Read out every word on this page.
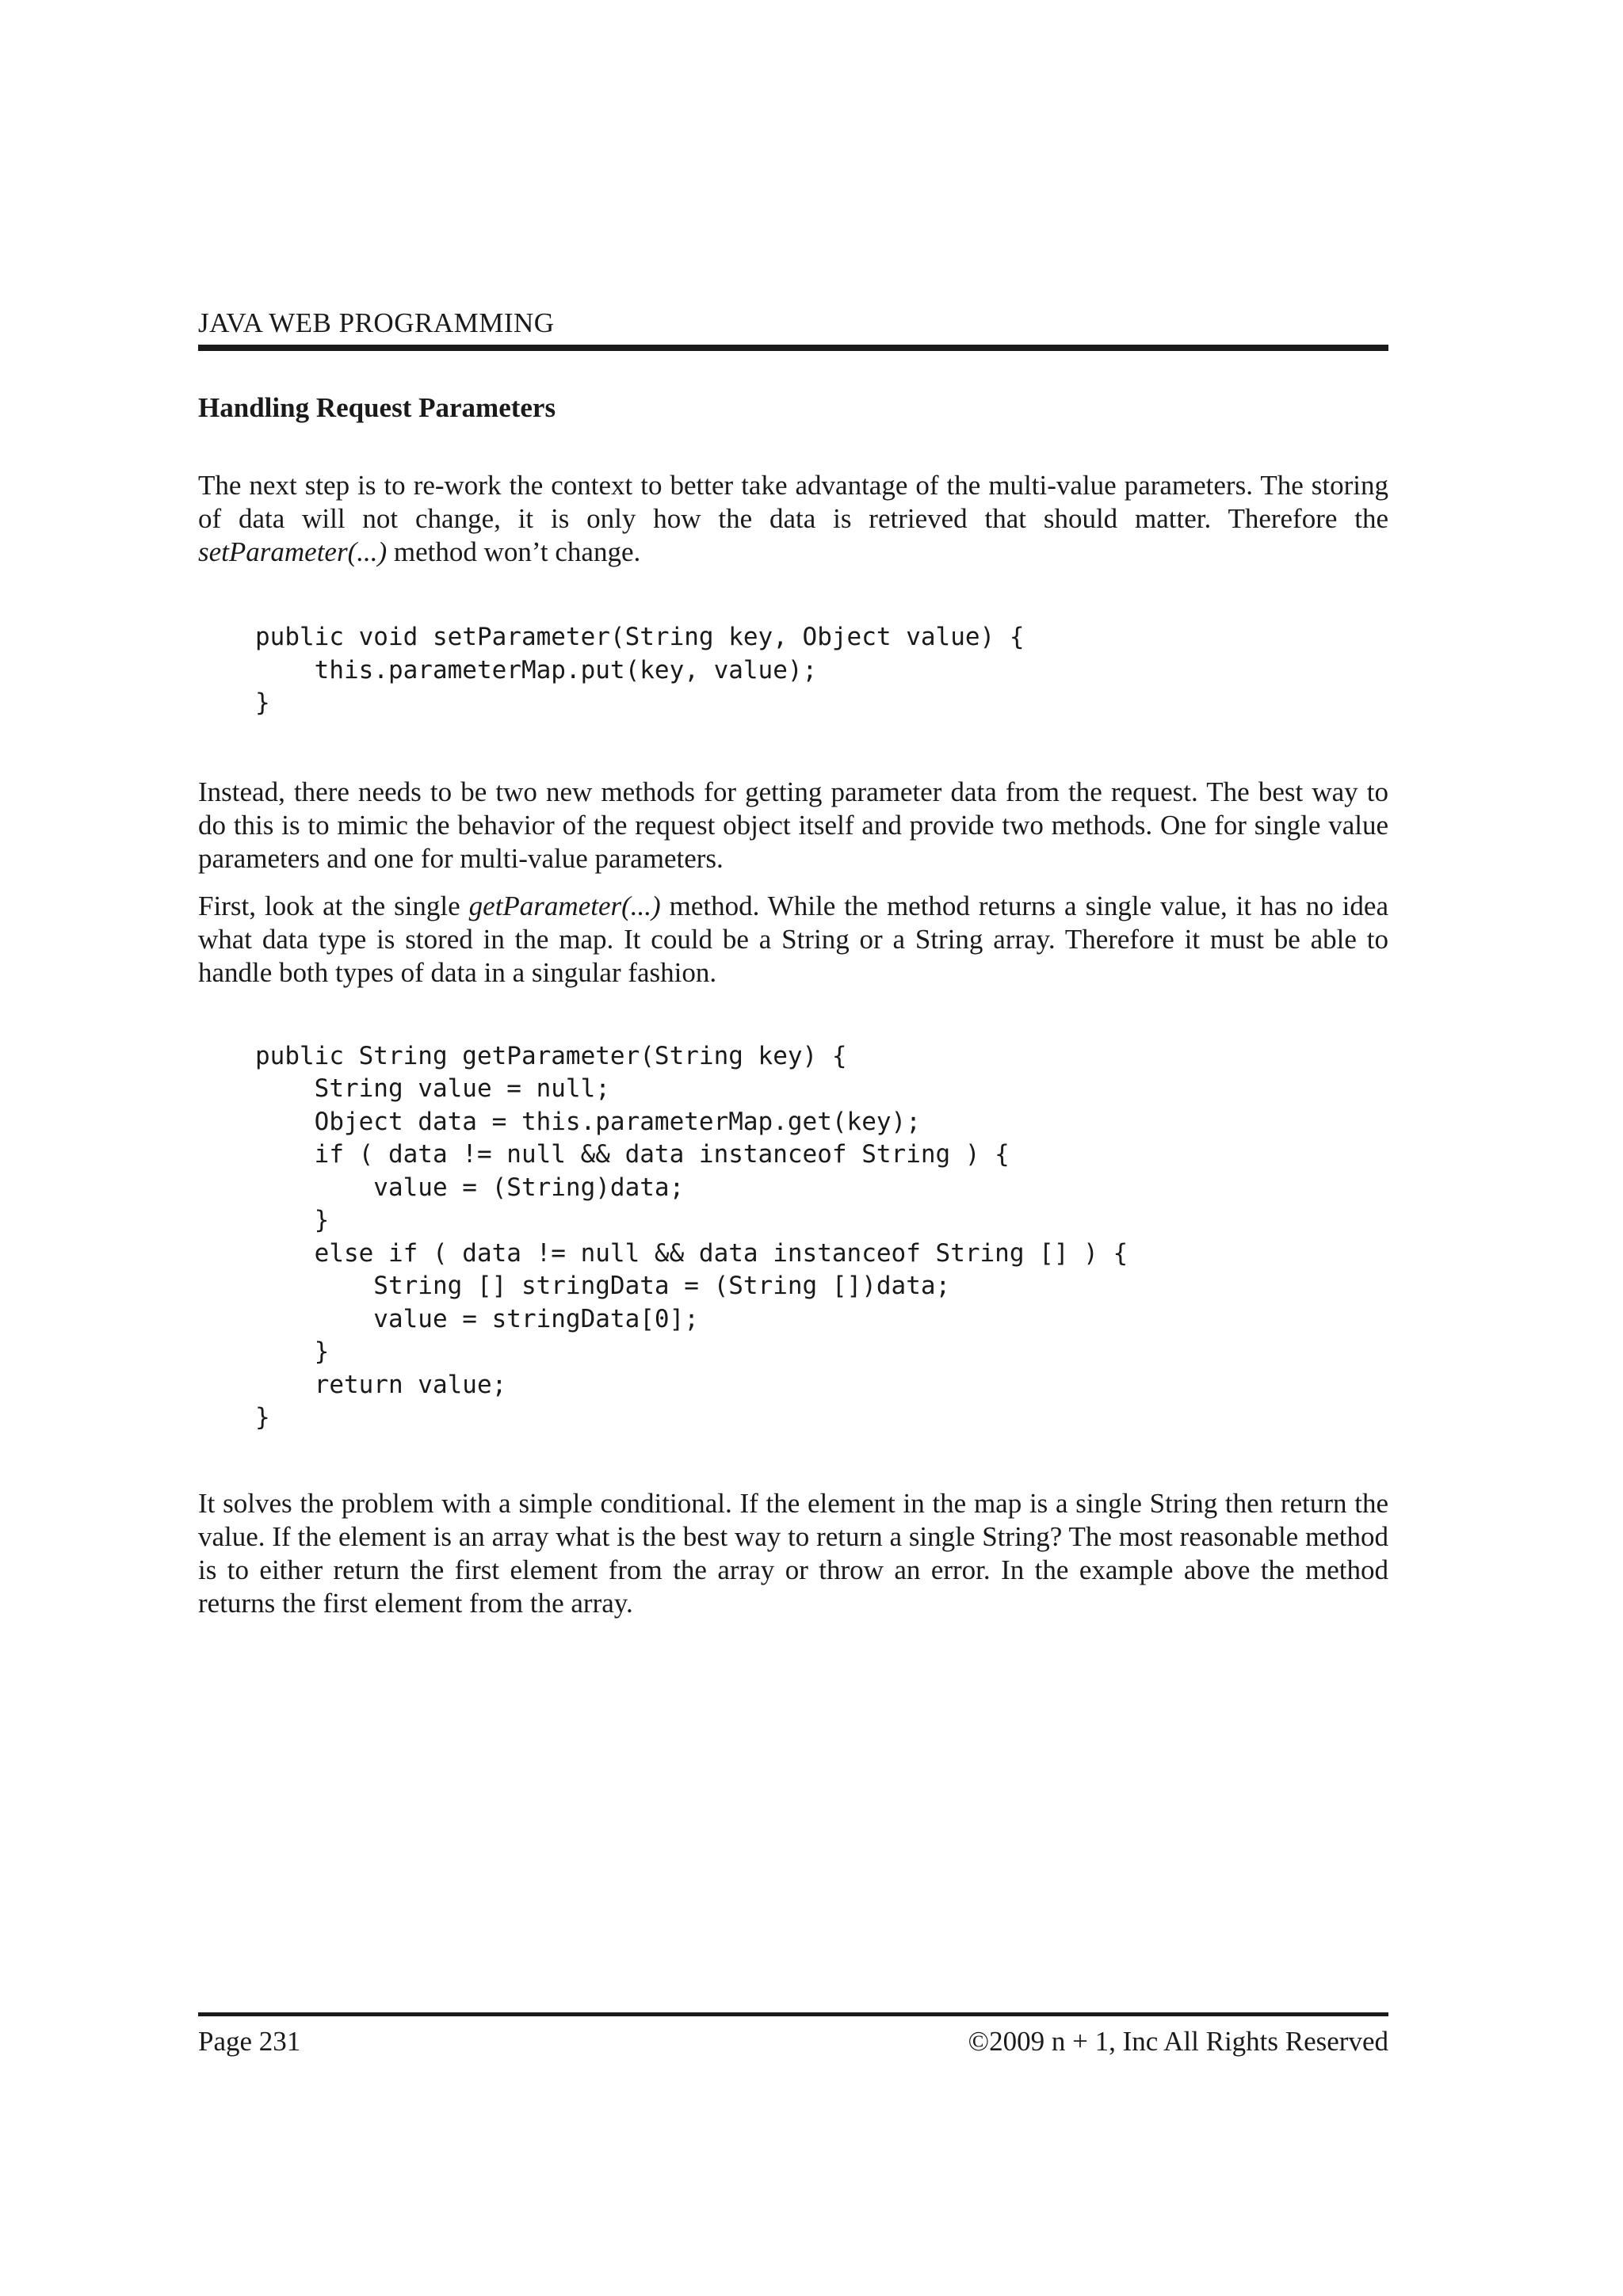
JAVA WEB PROGRAMMING
Handling Request Parameters

The next step is to re-work the context to better take advantage of the multi-value parameters. The storing of data will not change, it is only how the data is retrieved that should matter. Therefore the setParameter(...) method won’t change.

public void setParameter(String key, Object value) {
this.parameterMap.put(key, value);
}

Instead, there needs to be two new methods for getting parameter data from the request. The best way to do this is to mimic the behavior of the request object itself and provide two methods. One for single value parameters and one for multi-value parameters.

First, look at the single getParameter(...) method. While the method returns a single value, it has no idea what data type is stored in the map. It could be a String or a String array. Therefore it must be able to handle both types of data in a singular fashion.

public String getParameter(String key) {
String value = null;
Object data = this.parameterMap.get(key);
if ( data != null && data instanceof String ) {
value = (String)data;
}
else if ( data != null && data instanceof String [] ) {
String [] stringData = (String [])data;
value = stringData[0];
}
return value;
}

It solves the problem with a simple conditional. If the element in the map is a single String then return the value. If the element is an array what is the best way to return a single String? The most reasonable method is to either return the first element from the array or throw an error. In the example above the method returns the first element from the array.

Page 231	©2009 n + 1, Inc All Rights Reserved
